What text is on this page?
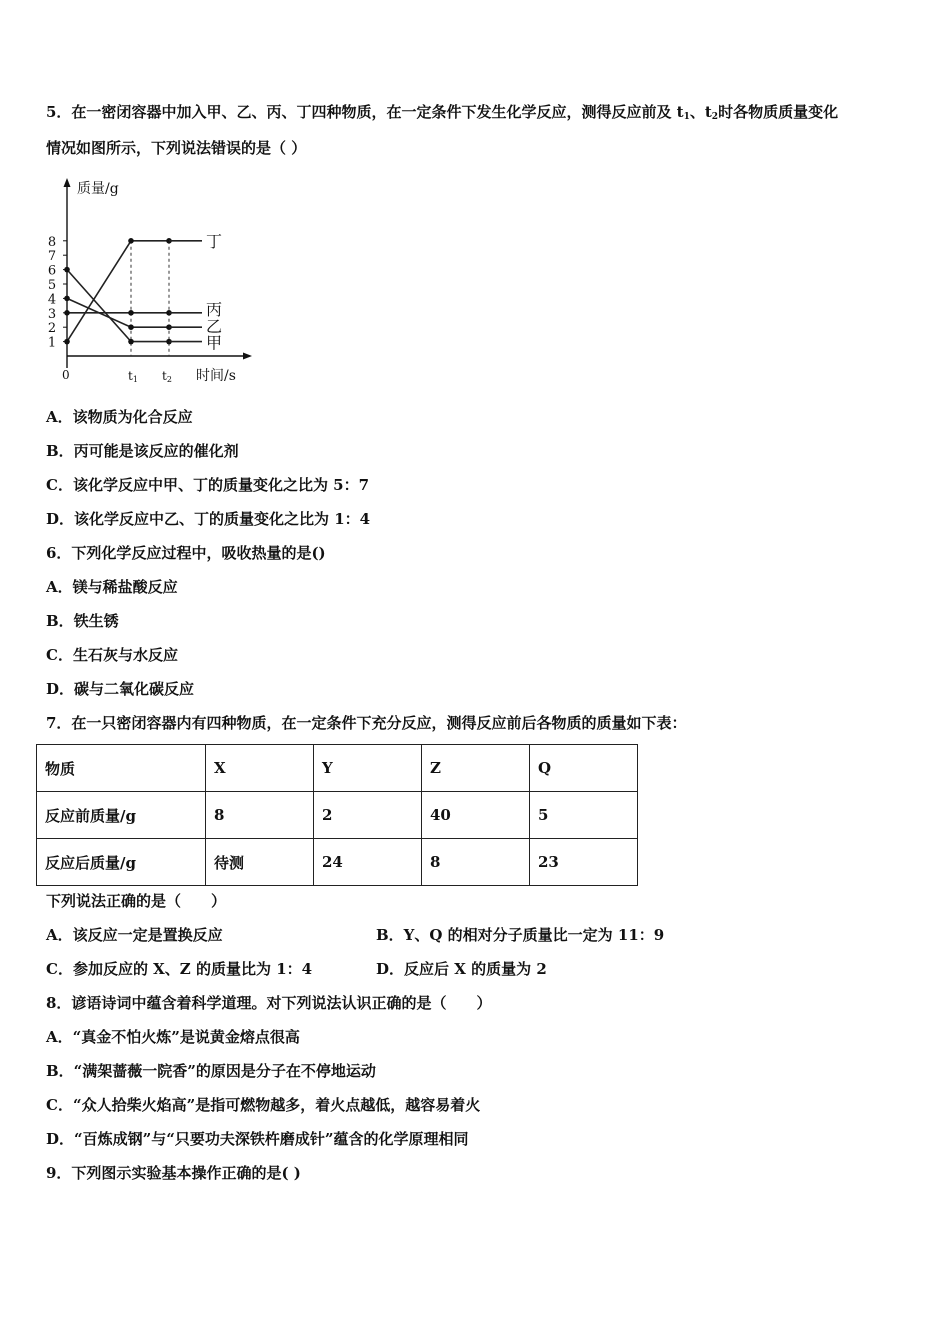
5．在一密闭容器中加入甲、乙、丙、丁四种物质，在一定条件下发生化学反应，测得反应前及 $t_1$、$t_2$时各物质质量变化
情况如图所示，下列说法错误的是（ ）
质量/g
时间/s
0	t1 t2
1
2
3
4
5
6
7
8	丁
丙
乙
甲
A．该物质为化合反应
B．丙可能是该反应的催化剂
C．该化学反应中甲、丁的质量变化之比为 5：7
D．该化学反应中乙、丁的质量变化之比为 1：4
6．下列化学反应过程中，吸收热量的是()
A．镁与稀盐酸反应
B．铁生锈
C．生石灰与水反应
D．碳与二氧化碳反应
7．在一只密闭容器内有四种物质，在一定条件下充分反应，测得反应前后各物质的质量如下表：
物质	X	Y	Z	Q
反应前质量/g	8	2	40	5
反应后质量/g	待测	24	8	23
下列说法正确的是（　　）
A．该反应一定是置换反应	B．Y、Q 的相对分子质量比一定为 11：9
C．参加反应的 X、Z 的质量比为 1：4	D．反应后 X 的质量为 2
8．谚语诗词中蕴含着科学道理。对下列说法认识正确的是（　　）
A．“真金不怕火炼”是说黄金熔点很高
B．“满架蔷薇一院香”的原因是分子在不停地运动
C．“众人拾柴火焰高”是指可燃物越多，着火点越低，越容易着火
D．“百炼成钢”与“只要功夫深铁杵磨成针”蕴含的化学原理相同
9．下列图示实验基本操作正确的是( )
